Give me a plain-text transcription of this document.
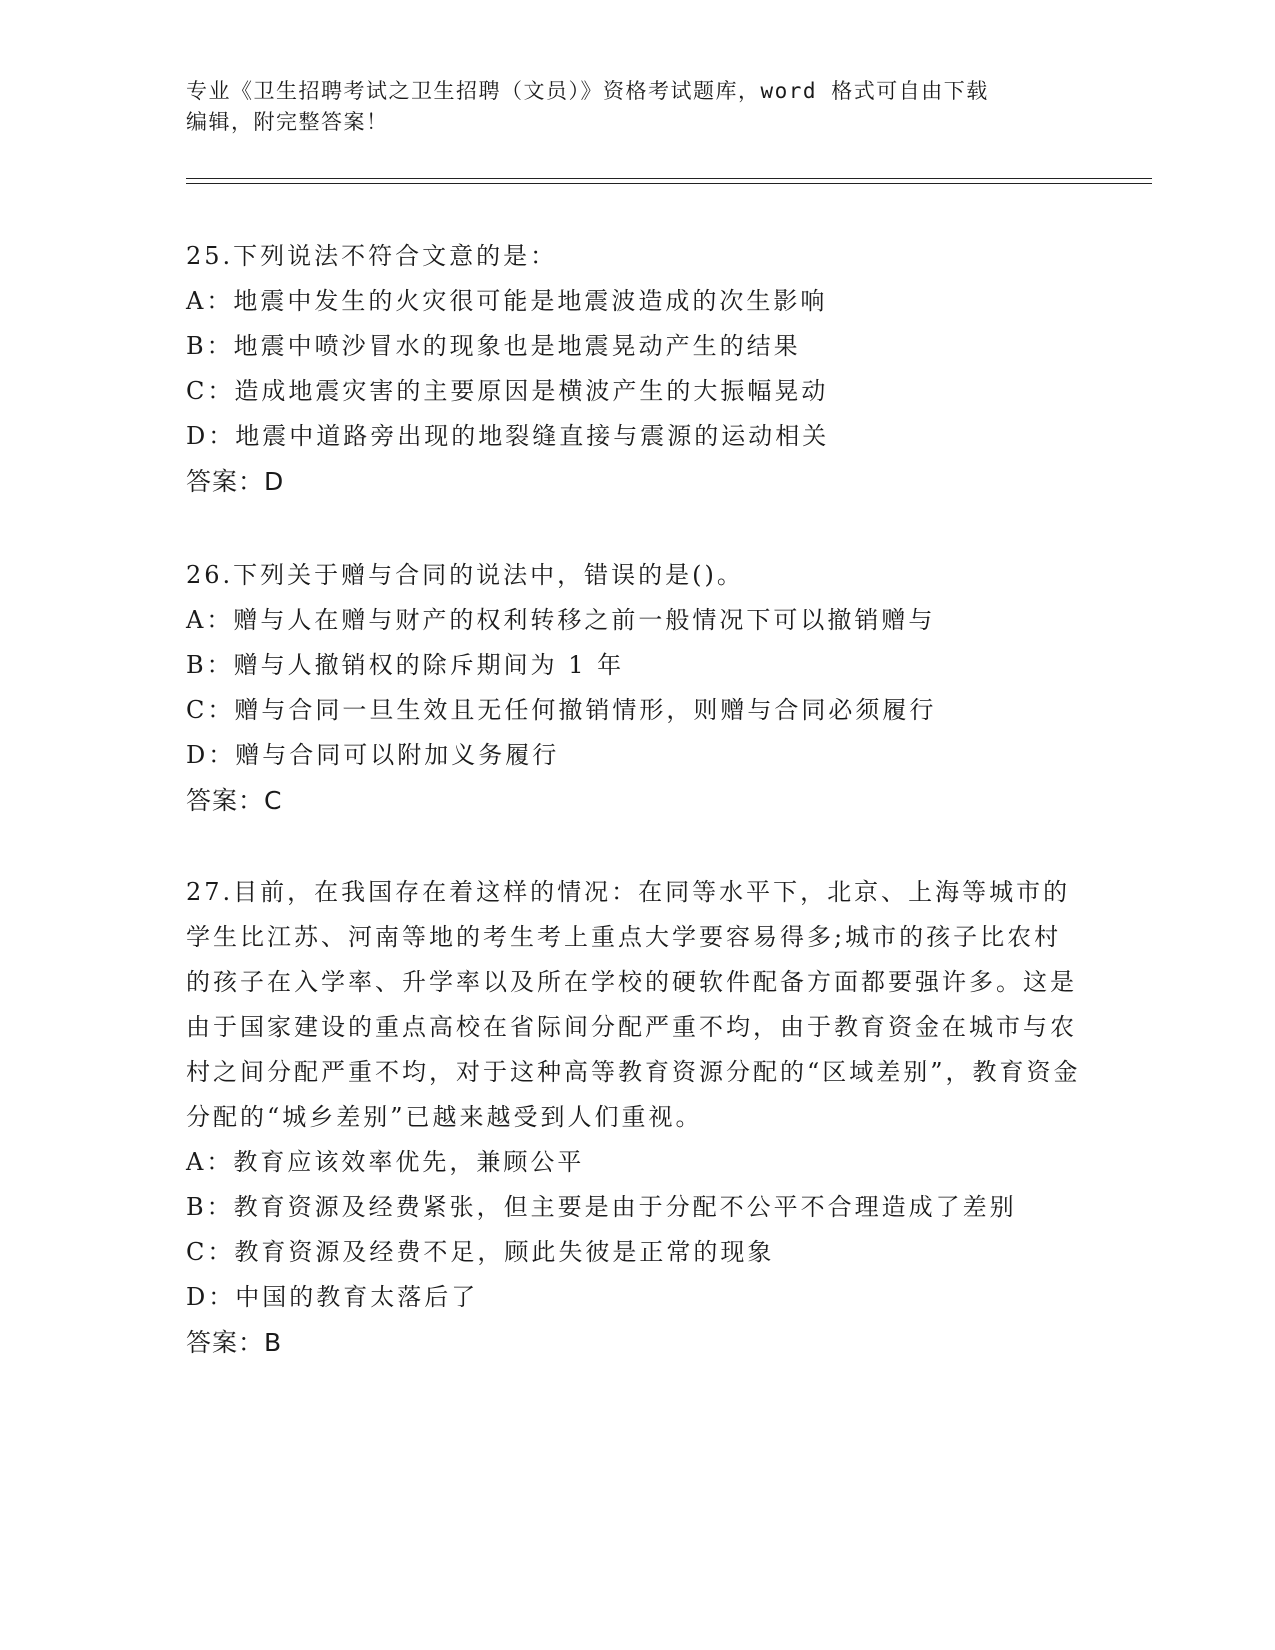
专业《卫生招聘考试之卫生招聘（文员）》资格考试题库，word 格式可自由下载
编辑，附完整答案！
25.下列说法不符合文意的是：
A：地震中发生的火灾很可能是地震波造成的次生影响
B：地震中喷沙冒水的现象也是地震晃动产生的结果
C：造成地震灾害的主要原因是横波产生的大振幅晃动
D：地震中道路旁出现的地裂缝直接与震源的运动相关
答案：D
26.下列关于赠与合同的说法中，错误的是()。
A：赠与人在赠与财产的权利转移之前一般情况下可以撤销赠与
B：赠与人撤销权的除斥期间为 1 年
C：赠与合同一旦生效且无任何撤销情形，则赠与合同必须履行
D：赠与合同可以附加义务履行
答案：C
27.目前，在我国存在着这样的情况：在同等水平下，北京、上海等城市的学生比江苏、河南等地的考生考上重点大学要容易得多;城市的孩子比农村的孩子在入学率、升学率以及所在学校的硬软件配备方面都要强许多。这是由于国家建设的重点高校在省际间分配严重不均，由于教育资金在城市与农村之间分配严重不均，对于这种高等教育资源分配的“区域差别”，教育资金分配的“城乡差别”已越来越受到人们重视。
A：教育应该效率优先，兼顾公平
B：教育资源及经费紧张，但主要是由于分配不公平不合理造成了差别
C：教育资源及经费不足，顾此失彼是正常的现象
D：中国的教育太落后了
答案：B
